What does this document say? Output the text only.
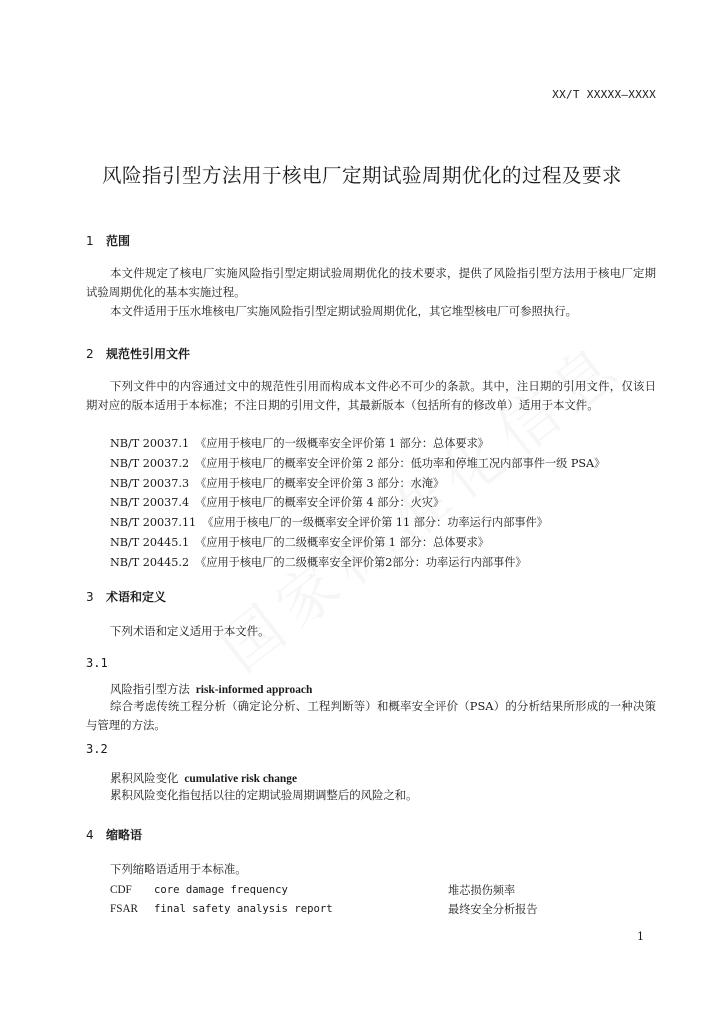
XX/T XXXXX—XXXX
风险指引型方法用于核电厂定期试验周期优化的过程及要求
1 范围

本文件规定了核电厂实施风险指引型定期试验周期优化的技术要求，提供了风险指引型方法用于核电厂定期试验周期优化的基本实施过程。

本文件适用于压水堆核电厂实施风险指引型定期试验周期优化，其它堆型核电厂可参照执行。

2 规范性引用文件

下列文件中的内容通过文中的规范性引用而构成本文件必不可少的条款。其中，注日期的引用文件，仅该日期对应的版本适用于本标准；不注日期的引用文件，其最新版本（包括所有的修改单）适用于本文件。

NB/T 20037.1 《应用于核电厂的一级概率安全评价第 1 部分：总体要求》
NB/T 20037.2 《应用于核电厂的概率安全评价第 2 部分：低功率和停堆工况内部事件一级 PSA》
NB/T 20037.3 《应用于核电厂的概率安全评价第 3 部分：水淹》
NB/T 20037.4 《应用于核电厂的概率安全评价第 4 部分：火灾》
NB/T 20037.11 《应用于核电厂的一级概率安全评价第 11 部分：功率运行内部事件》
NB/T 20445.1 《应用于核电厂的二级概率安全评价第 1 部分：总体要求》
NB/T 20445.2 《应用于核电厂的二级概率安全评价第2部分：功率运行内部事件》
3 术语和定义

下列术语和定义适用于本文件。

3.1
风险指引型方法 risk-informed approach

综合考虑传统工程分析（确定论分析、工程判断等）和概率安全评价（PSA）的分析结果所形成的一种决策与管理的方法。

3.2
累积风险变化 cumulative risk change

累积风险变化指包括以往的定期试验周期调整后的风险之和。

4 缩略语

下列缩略语适用于本标准。

CDF core damage frequency	堆芯损伤频率
FSAR final safety analysis report	最终安全分析报告
1
